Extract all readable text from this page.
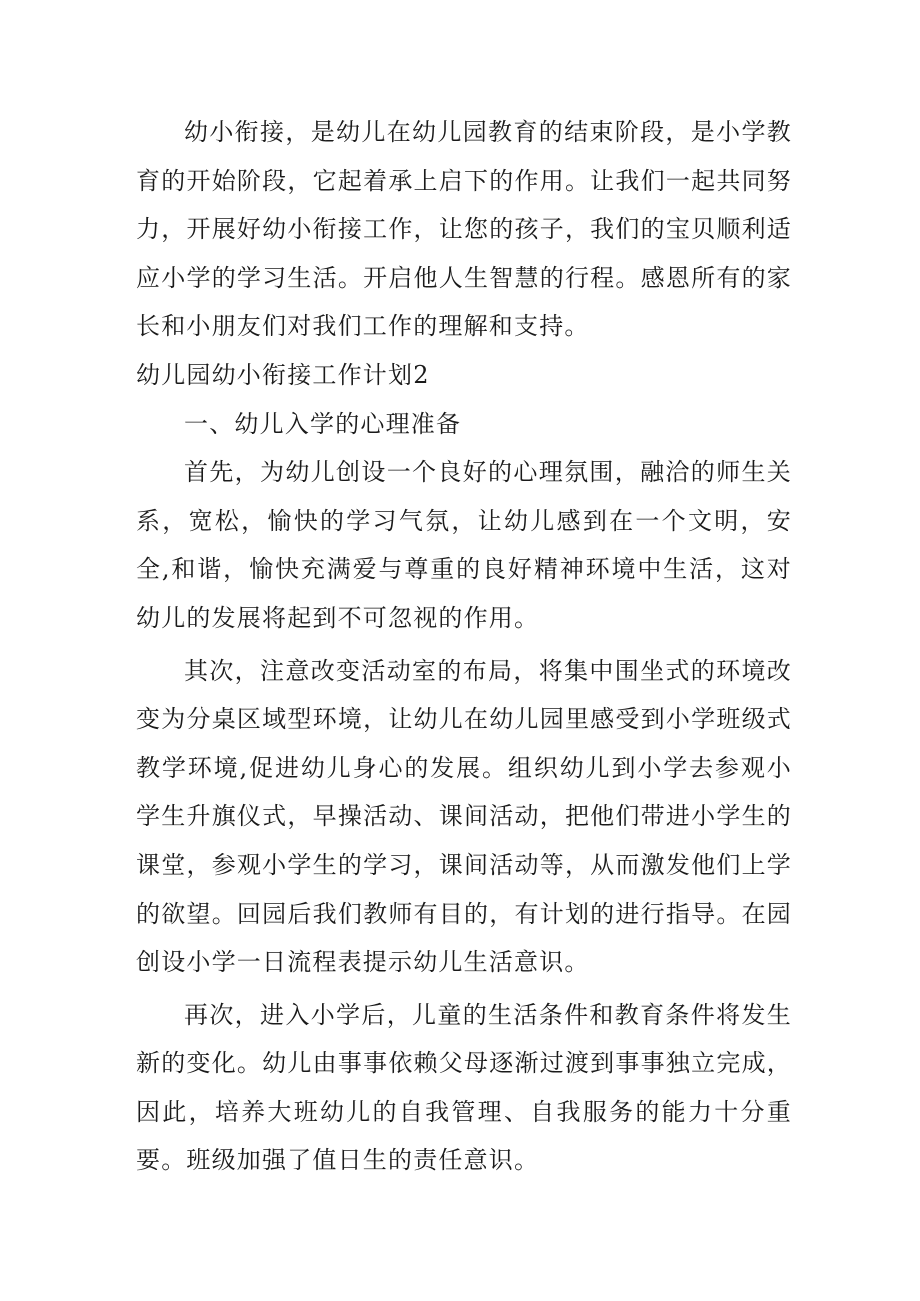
幼小衔接，是幼儿在幼儿园教育的结束阶段，是小学教育的开始阶段，它起着承上启下的作用。让我们一起共同努力，开展好幼小衔接工作，让您的孩子，我们的宝贝顺利适应小学的学习生活。开启他人生智慧的行程。感恩所有的家长和小朋友们对我们工作的理解和支持。

幼儿园幼小衔接工作计划2

一、幼儿入学的心理准备

首先，为幼儿创设一个良好的心理氛围，融洽的师生关系，宽松，愉快的学习气氛，让幼儿感到在一个文明，安全,和谐，愉快充满爱与尊重的良好精神环境中生活，这对幼儿的发展将起到不可忽视的作用。

其次，注意改变活动室的布局，将集中围坐式的环境改变为分桌区域型环境，让幼儿在幼儿园里感受到小学班级式教学环境,促进幼儿身心的发展。组织幼儿到小学去参观小学生升旗仪式，早操活动、课间活动，把他们带进小学生的课堂，参观小学生的学习，课间活动等，从而激发他们上学的欲望。回园后我们教师有目的，有计划的进行指导。在园创设小学一日流程表提示幼儿生活意识。

再次，进入小学后，儿童的生活条件和教育条件将发生新的变化。幼儿由事事依赖父母逐渐过渡到事事独立完成，因此，培养大班幼儿的自我管理、自我服务的能力十分重要。班级加强了值日生的责任意识。
